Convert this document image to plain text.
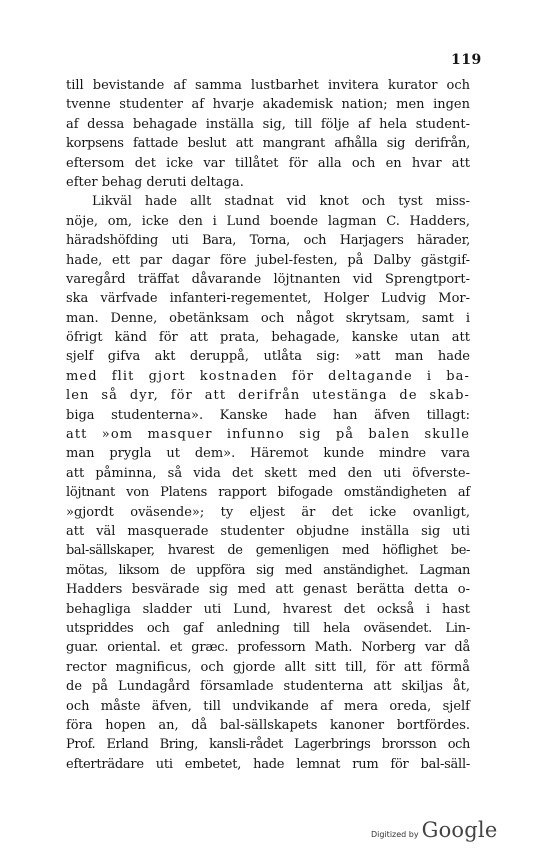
119
till bevistande af samma lustbarhet invitera kurator och
tvenne studenter af hvarje akademisk nation; men ingen
af dessa behagade inställa sig, till följe af hela student-
korpsens fattade beslut att mangrant afhålla sig derifrån,
eftersom det icke var tillåtet för alla och en hvar att
efter behag deruti deltaga.
Likväl hade allt stadnat vid knot och tyst miss-
nöje, om, icke den i Lund boende lagman C. Hadders,
häradshöfding uti Bara, Torna, och Harjagers härader,
hade, ett par dagar före jubel-festen, på Dalby gästgif-
varegård träffat dåvarande löjtnanten vid Sprengtport-
ska värfvade infanteri-regementet, Holger Ludvig Mor-
man. Denne, obetänksam och något skrytsam, samt i
öfrigt känd för att prata, behagade, kanske utan att
sjelf gifva akt deruppå, utlåta sig: »att man hade
med flit gjort kostnaden för deltagande i ba-
len så dyr, för att derifrån utestänga de skab-
biga studenterna». Kanske hade han äfven tillagt:
att »om masquer infunno sig på balen skulle
man prygla ut dem». Häremot kunde mindre vara
att påminna, så vida det skett med den uti öfverste-
löjtnant von Platens rapport bifogade omständigheten af
»gjordt oväsende»; ty eljest är det icke ovanligt,
att väl masquerade studenter objudne inställa sig uti
bal-sällskaper, hvarest de gemenligen med höflighet be-
mötas, liksom de uppföra sig med anständighet. Lagman
Hadders besvärade sig med att genast berätta detta o-
behagliga sladder uti Lund, hvarest det också i hast
utspriddes och gaf anledning till hela oväsendet. Lin-
guar. oriental. et græc. professorn Math. Norberg var då
rector magnificus, och gjorde allt sitt till, för att förmå
de på Lundagård församlade studenterna att skiljas åt,
och måste äfven, till undvikande af mera oreda, sjelf
föra hopen an, då bal-sällskapets kanoner bortfördes.
Prof. Erland Bring, kansli-rådet Lagerbrings brorsson och
efterträdare uti embetet, hade lemnat rum för bal-säll-
Digitized by Google
